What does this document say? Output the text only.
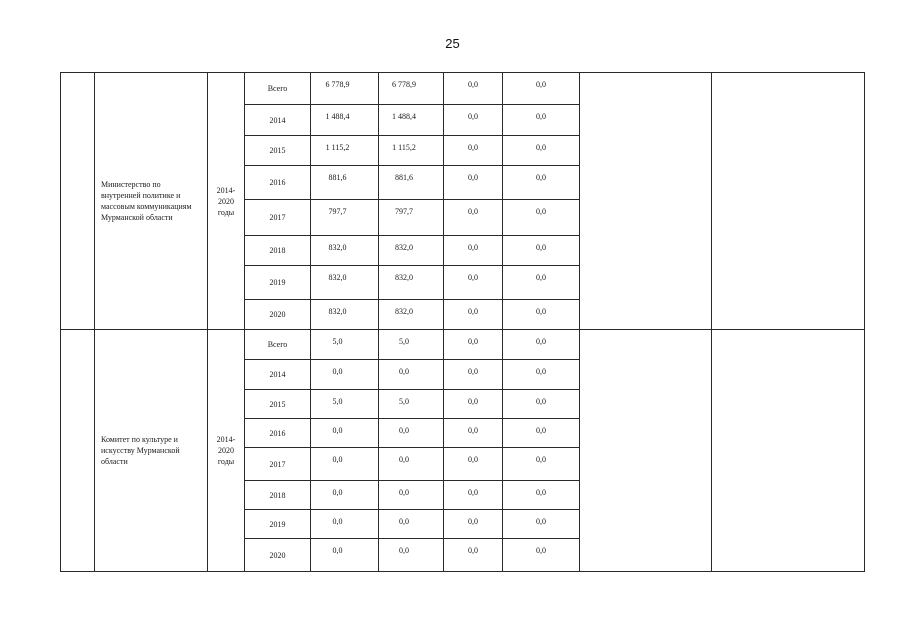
25
	Министерство по внутренней политике и массовым коммуникациям Мурманской области	2014-
2020
годы	Всего	6 778,9	6 778,9	0,0	0,0		
			2014	1 488,4	1 488,4	0,0	0,0		
			2015	1 115,2	1 115,2	0,0	0,0		
			2016	881,6	881,6	0,0	0,0		
			2017	797,7	797,7	0,0	0,0		
			2018	832,0	832,0	0,0	0,0		
			2019	832,0	832,0	0,0	0,0		
			2020	832,0	832,0	0,0	0,0		
	Комитет по культуре и искусству Мурманской области	2014-
2020
годы	Всего	5,0	5,0	0,0	0,0		
			2014	0,0	0,0	0,0	0,0		
			2015	5,0	5,0	0,0	0,0		
			2016	0,0	0,0	0,0	0,0		
			2017	0,0	0,0	0,0	0,0		
			2018	0,0	0,0	0,0	0,0		
			2019	0,0	0,0	0,0	0,0		
			2020	0,0	0,0	0,0	0,0		
